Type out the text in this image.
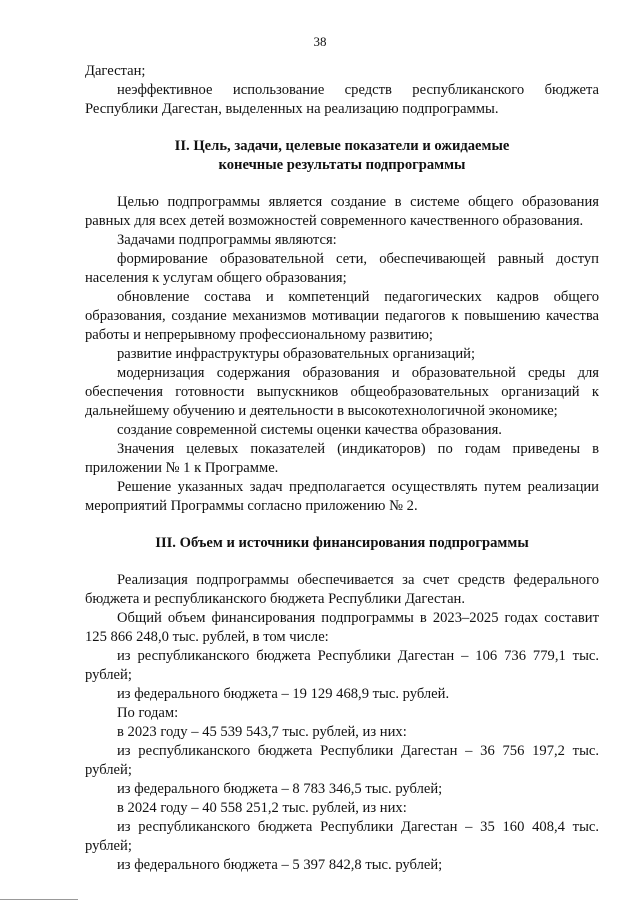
38

Дагестан;

неэффективное использование средств республиканского бюджета Республики Дагестан, выделенных на реализацию подпрограммы.

II. Цель, задачи, целевые показатели и ожидаемые

конечные результаты подпрограммы

Целью подпрограммы является создание в системе общего образования равных для всех детей возможностей современного качественного образования.

Задачами подпрограммы являются:

формирование образовательной сети, обеспечивающей равный доступ населения к услугам общего образования;

обновление состава и компетенций педагогических кадров общего образования, создание механизмов мотивации педагогов к повышению качества работы и непрерывному профессиональному развитию;

развитие инфраструктуры образовательных организаций;

модернизация содержания образования и образовательной среды для обеспечения готовности выпускников общеобразовательных организаций к дальнейшему обучению и деятельности в высокотехнологичной экономике;

создание современной системы оценки качества образования.

Значения целевых показателей (индикаторов) по годам приведены в приложении № 1 к Программе.

Решение указанных задач предполагается осуществлять путем реализации мероприятий Программы согласно приложению № 2.

III. Объем и источники финансирования подпрограммы

Реализация подпрограммы обеспечивается за счет средств федерального бюджета и республиканского бюджета Республики Дагестан.

Общий объем финансирования подпрограммы в 2023–2025 годах составит 125 866 248,0 тыс. рублей, в том числе:

из республиканского бюджета Республики Дагестан – 106 736 779,1 тыс. рублей;

из федерального бюджета – 19 129 468,9 тыс. рублей.

По годам:

в 2023 году – 45 539 543,7 тыс. рублей, из них:

из республиканского бюджета Республики Дагестан – 36 756 197,2 тыс. рублей;

из федерального бюджета – 8 783 346,5 тыс. рублей;

в 2024 году – 40 558 251,2 тыс. рублей, из них:

из республиканского бюджета Республики Дагестан – 35 160 408,4 тыс. рублей;

из федерального бюджета – 5 397 842,8 тыс. рублей;
